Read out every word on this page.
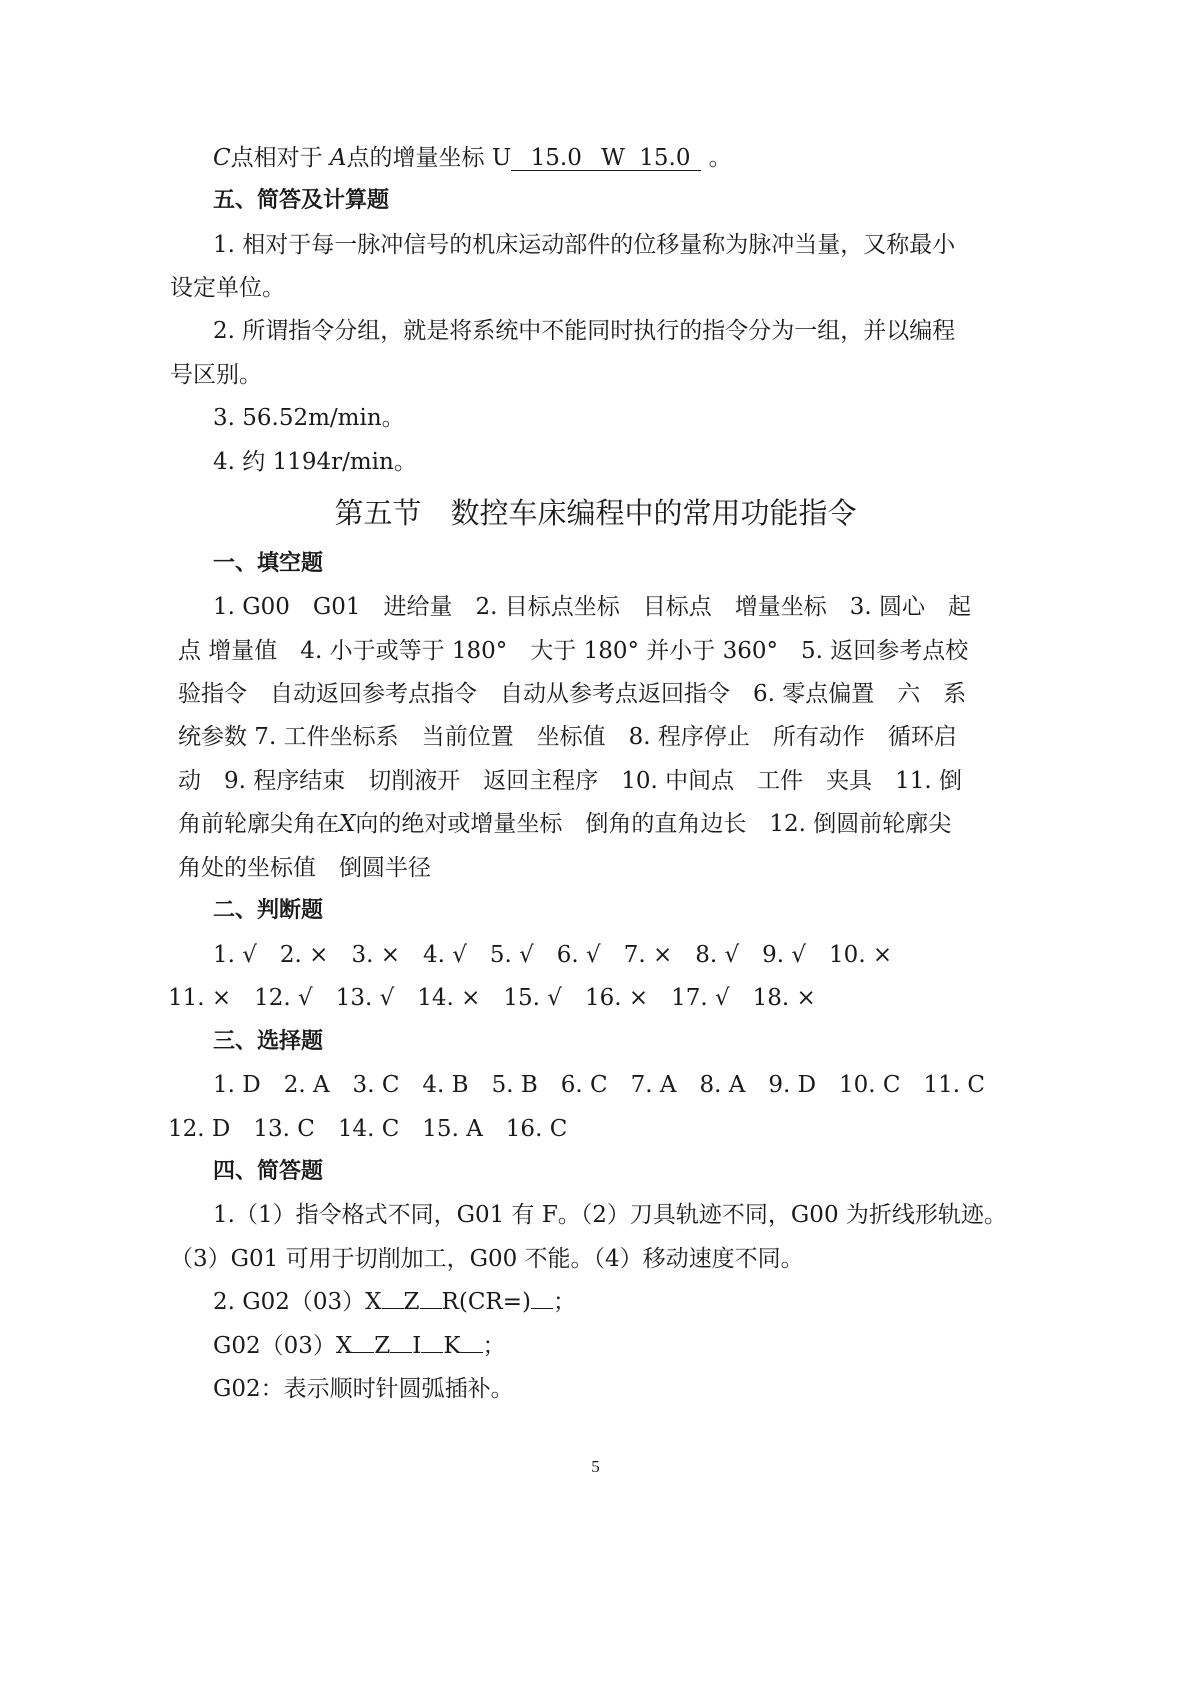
C点相对于 A点的增量坐标 U 15.0 W 15.0 。
五、简答及计算题
1. 相对于每一脉冲信号的机床运动部件的位移量称为脉冲当量，又称最小
设定单位。
2. 所谓指令分组，就是将系统中不能同时执行的指令分为一组，并以编程
号区别。
3. 56.52m/min。
4. 约 1194r/min。
第五节　数控车床编程中的常用功能指令
一、填空题
1. G00　G01　进给量　2. 目标点坐标　目标点　增量坐标　3. 圆心　起
点 增量值　4. 小于或等于 180°　大于 180° 并小于 360°　5. 返回参考点校
验指令　自动返回参考点指令　自动从参考点返回指令　6. 零点偏置　六　系
统参数 7. 工件坐标系　当前位置　坐标值　8. 程序停止　所有动作　循环启
动　9. 程序结束　切削液开　返回主程序　10. 中间点　工件　夹具　11. 倒
角前轮廓尖角在X向的绝对或增量坐标　倒角的直角边长　12. 倒圆前轮廓尖
角处的坐标值　倒圆半径
二、判断题
1. √　2. ×　3. ×　4. √　5. √　6. √　7. ×　8. √　9. √　10. ×
11. ×　12. √　13. √　14. ×　15. √　16. ×　17. √　18. ×
三、选择题
1. D　2. A　3. C　4. B　5. B　6. C　7. A　8. A　9. D　10. C　11. C
12. D　13. C　14. C　15. A　16. C
四、简答题
1.（1）指令格式不同，G01 有 F。（2）刀具轨迹不同，G00 为折线形轨迹。
（3）G01 可用于切削加工，G00 不能。（4）移动速度不同。
2. G02（03）X Z R(CR=) ；
G02（03）X Z I K ；
G02：表示顺时针圆弧插补。
5
